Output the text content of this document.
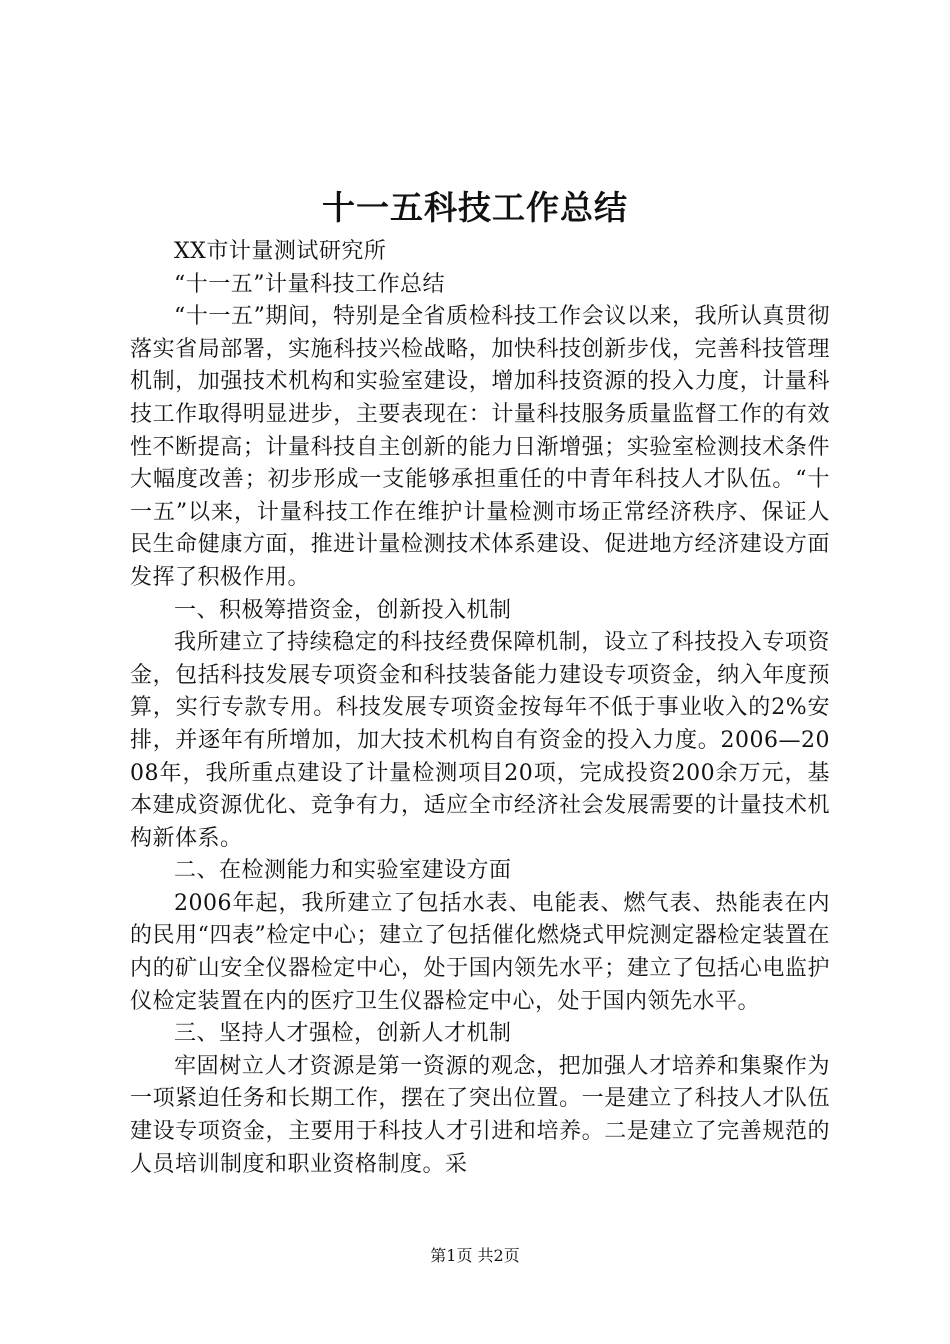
十一五科技工作总结

XX市计量测试研究所

“十一五”计量科技工作总结

“十一五”期间，特别是全省质检科技工作会议以来，我所认真贯彻落实省局部署，实施科技兴检战略，加快科技创新步伐，完善科技管理机制，加强技术机构和实验室建设，增加科技资源的投入力度，计量科技工作取得明显进步，主要表现在：计量科技服务质量监督工作的有效性不断提高；计量科技自主创新的能力日渐增强；实验室检测技术条件大幅度改善；初步形成一支能够承担重任的中青年科技人才队伍。“十一五”以来，计量科技工作在维护计量检测市场正常经济秩序、保证人民生命健康方面，推进计量检测技术体系建设、促进地方经济建设方面发挥了积极作用。

一、积极筹措资金，创新投入机制

我所建立了持续稳定的科技经费保障机制，设立了科技投入专项资金，包括科技发展专项资金和科技装备能力建设专项资金，纳入年度预算，实行专款专用。科技发展专项资金按每年不低于事业收入的2%安排，并逐年有所增加，加大技术机构自有资金的投入力度。2006—2008年，我所重点建设了计量检测项目20项，完成投资200余万元，基本建成资源优化、竞争有力，适应全市经济社会发展需要的计量技术机构新体系。

二、在检测能力和实验室建设方面

2006年起，我所建立了包括水表、电能表、燃气表、热能表在内的民用“四表”检定中心；建立了包括催化燃烧式甲烷测定器检定装置在内的矿山安全仪器检定中心，处于国内领先水平；建立了包括心电监护仪检定装置在内的医疗卫生仪器检定中心，处于国内领先水平。

三、坚持人才强检，创新人才机制

牢固树立人才资源是第一资源的观念，把加强人才培养和集聚作为一项紧迫任务和长期工作，摆在了突出位置。一是建立了科技人才队伍建设专项资金，主要用于科技人才引进和培养。二是建立了完善规范的人员培训制度和职业资格制度。采

第1页 共2页
